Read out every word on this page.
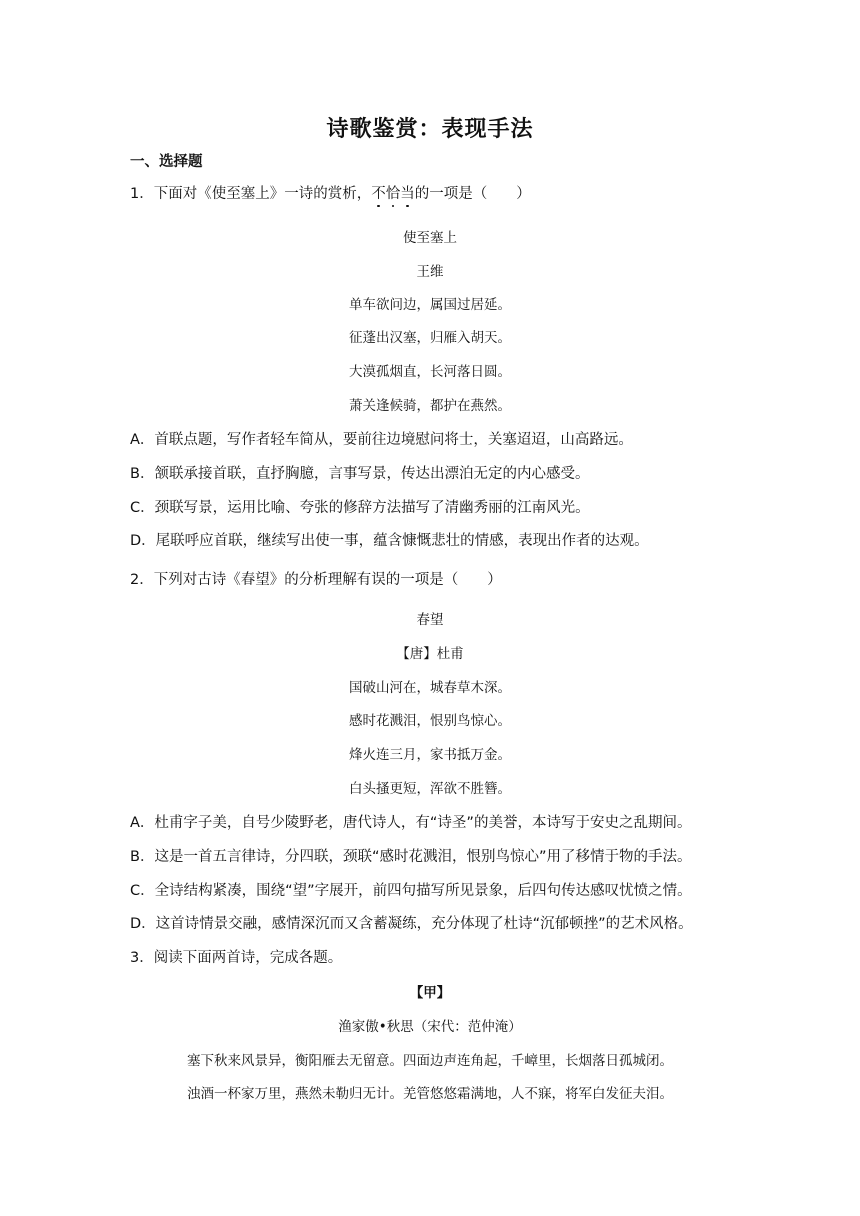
诗歌鉴赏：表现手法
一、选择题
1．下面对《使至塞上》一诗的赏析，不恰当的一项是（　　）
使至塞上
王维
单车欲问边，属国过居延。
征蓬出汉塞，归雁入胡天。
大漠孤烟直，长河落日圆。
萧关逢候骑，都护在燕然。
A．首联点题，写作者轻车简从，要前往边境慰问将士，关塞迢迢，山高路远。
B．颔联承接首联，直抒胸臆，言事写景，传达出漂泊无定的内心感受。
C．颈联写景，运用比喻、夸张的修辞方法描写了清幽秀丽的江南风光。
D．尾联呼应首联，继续写出使一事，蕴含慷慨悲壮的情感，表现出作者的达观。
2．下列对古诗《春望》的分析理解有误的一项是（　　）
春望
【唐】杜甫
国破山河在，城春草木深。
感时花溅泪，恨别鸟惊心。
烽火连三月，家书抵万金。
白头搔更短，浑欲不胜簪。
A．杜甫字子美，自号少陵野老，唐代诗人，有“诗圣”的美誉，本诗写于安史之乱期间。
B．这是一首五言律诗，分四联，颈联“感时花溅泪，恨别鸟惊心”用了移情于物的手法。
C．全诗结构紧凑，围绕“望”字展开，前四句描写所见景象，后四句传达感叹忧愤之情。
D．这首诗情景交融，感情深沉而又含蓄凝练，充分体现了杜诗“沉郁顿挫”的艺术风格。
3．阅读下面两首诗，完成各题。
【甲】
渔家傲•秋思（宋代：范仲淹）
塞下秋来风景异，衡阳雁去无留意。四面边声连角起，千嶂里，长烟落日孤城闭。
浊酒一杯家万里，燕然未勒归无计。羌管悠悠霜满地，人不寐，将军白发征夫泪。
